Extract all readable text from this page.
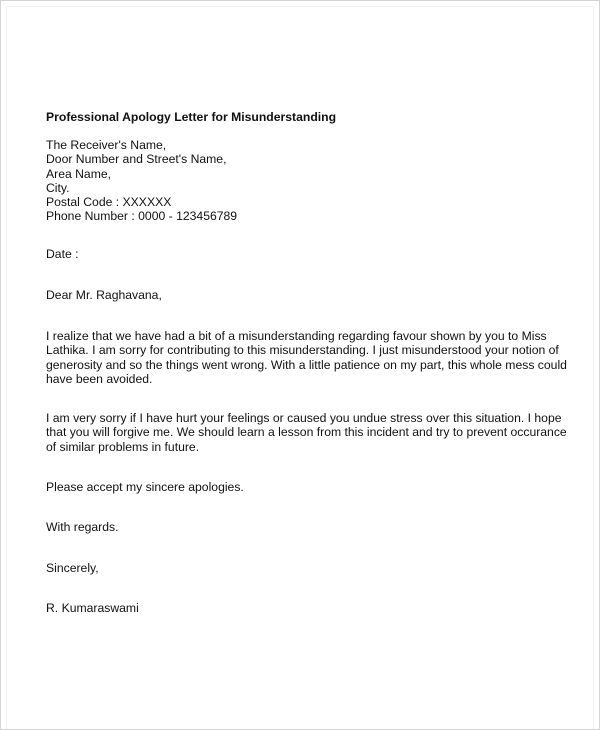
Professional Apology Letter for Misunderstanding
The Receiver's Name,
Door Number and Street's Name,
Area Name,
City.
Postal Code : XXXXXX
Phone Number : 0000 - 123456789
Date :
Dear Mr. Raghavana,
I realize that we have had a bit of a misunderstanding regarding favour shown by you to Miss
Lathika. I am sorry for contributing to this misunderstanding. I just misunderstood your notion of
generosity and so the things went wrong. With a little patience on my part, this whole mess could
have been avoided.
I am very sorry if I have hurt your feelings or caused you undue stress over this situation. I hope
that you will forgive me. We should learn a lesson from this incident and try to prevent occurance
of similar problems in future.
Please accept my sincere apologies.
With regards.
Sincerely,
R. Kumaraswami
